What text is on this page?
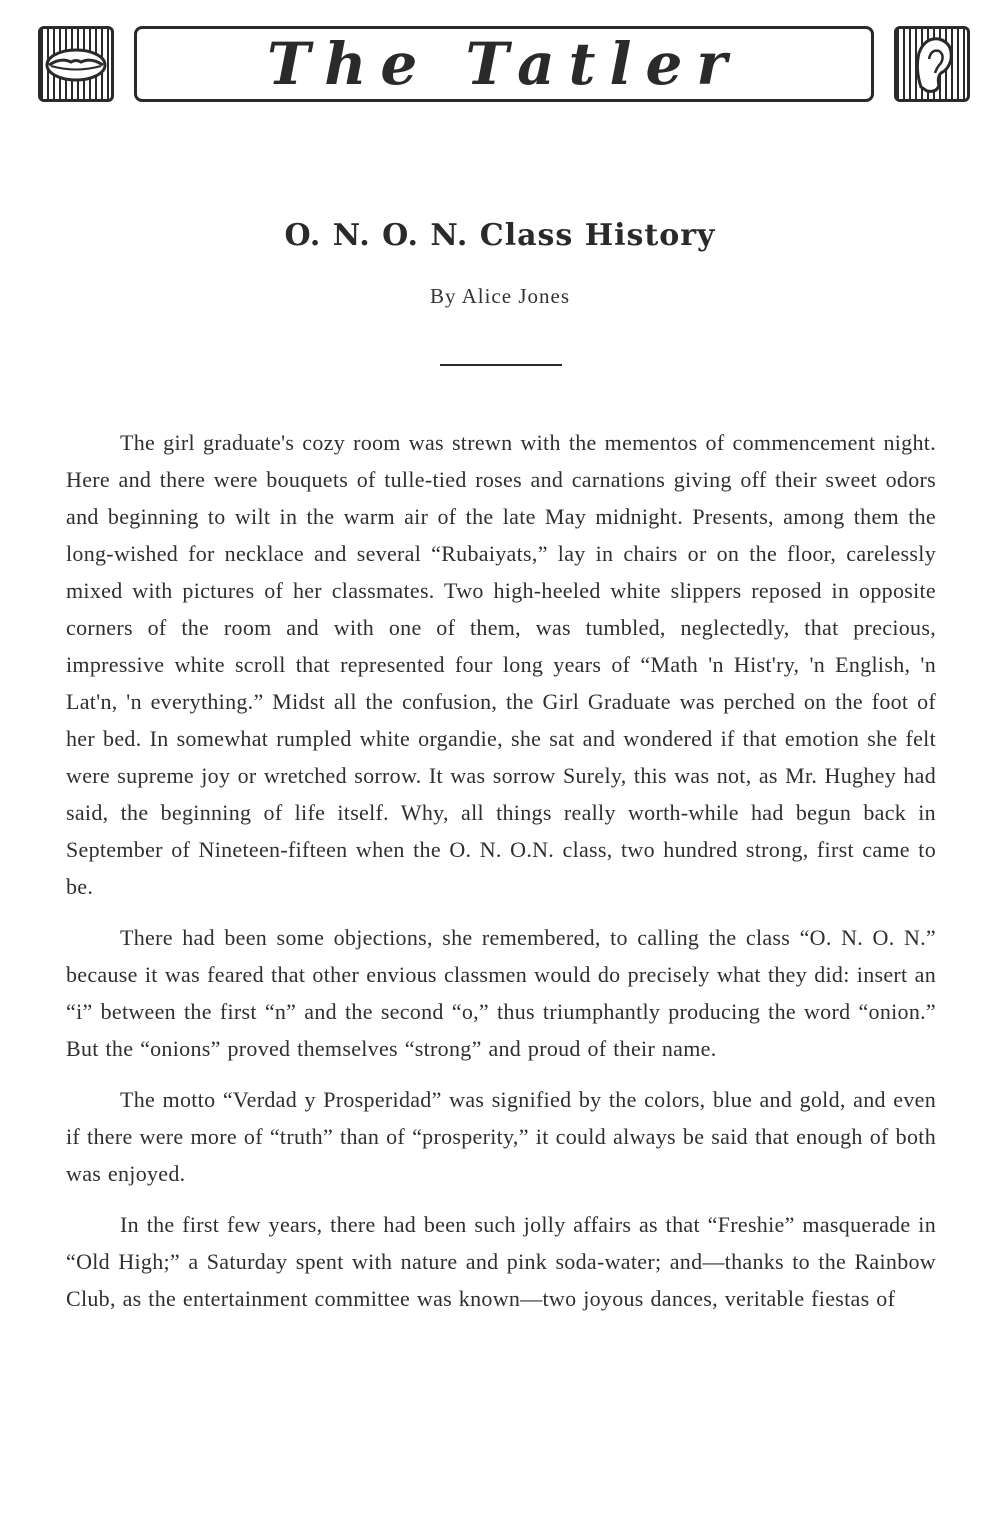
The Tatler
O. N. O. N. Class History
By Alice Jones

The girl graduate's cozy room was strewn with the mementos of commencement night. Here and there were bouquets of tulle-tied roses and carnations giving off their sweet odors and beginning to wilt in the warm air of the late May midnight. Presents, among them the long-wished for necklace and several “Rubaiyats,” lay in chairs or on the floor, carelessly mixed with pictures of her classmates. Two high-heeled white slippers reposed in opposite corners of the room and with one of them, was tumbled, neglectedly, that precious, impressive white scroll that represented four long years of “Math 'n Hist'ry, 'n English, 'n Lat'n, 'n everything.” Midst all the confusion, the Girl Graduate was perched on the foot of her bed. In somewhat rumpled white organdie, she sat and wondered if that emotion she felt were supreme joy or wretched sorrow. It was sorrow Surely, this was not, as Mr. Hughey had said, the beginning of life itself. Why, all things really worth-while had begun back in September of Nineteen-fifteen when the O. N. O.N. class, two hundred strong, first came to be.

There had been some objections, she remembered, to calling the class “O. N. O. N.” because it was feared that other envious classmen would do precisely what they did: insert an “i” between the first “n” and the second “o,” thus triumphantly producing the word “onion.” But the “onions” proved themselves “strong” and proud of their name.

The motto “Verdad y Prosperidad” was signified by the colors, blue and gold, and even if there were more of “truth” than of “prosperity,” it could always be said that enough of both was enjoyed.

In the first few years, there had been such jolly affairs as that “Freshie” masquerade in “Old High;” a Saturday spent with nature and pink soda-water; and—thanks to the Rainbow Club, as the entertainment committee was known—two joyous dances, veritable fiestas of
